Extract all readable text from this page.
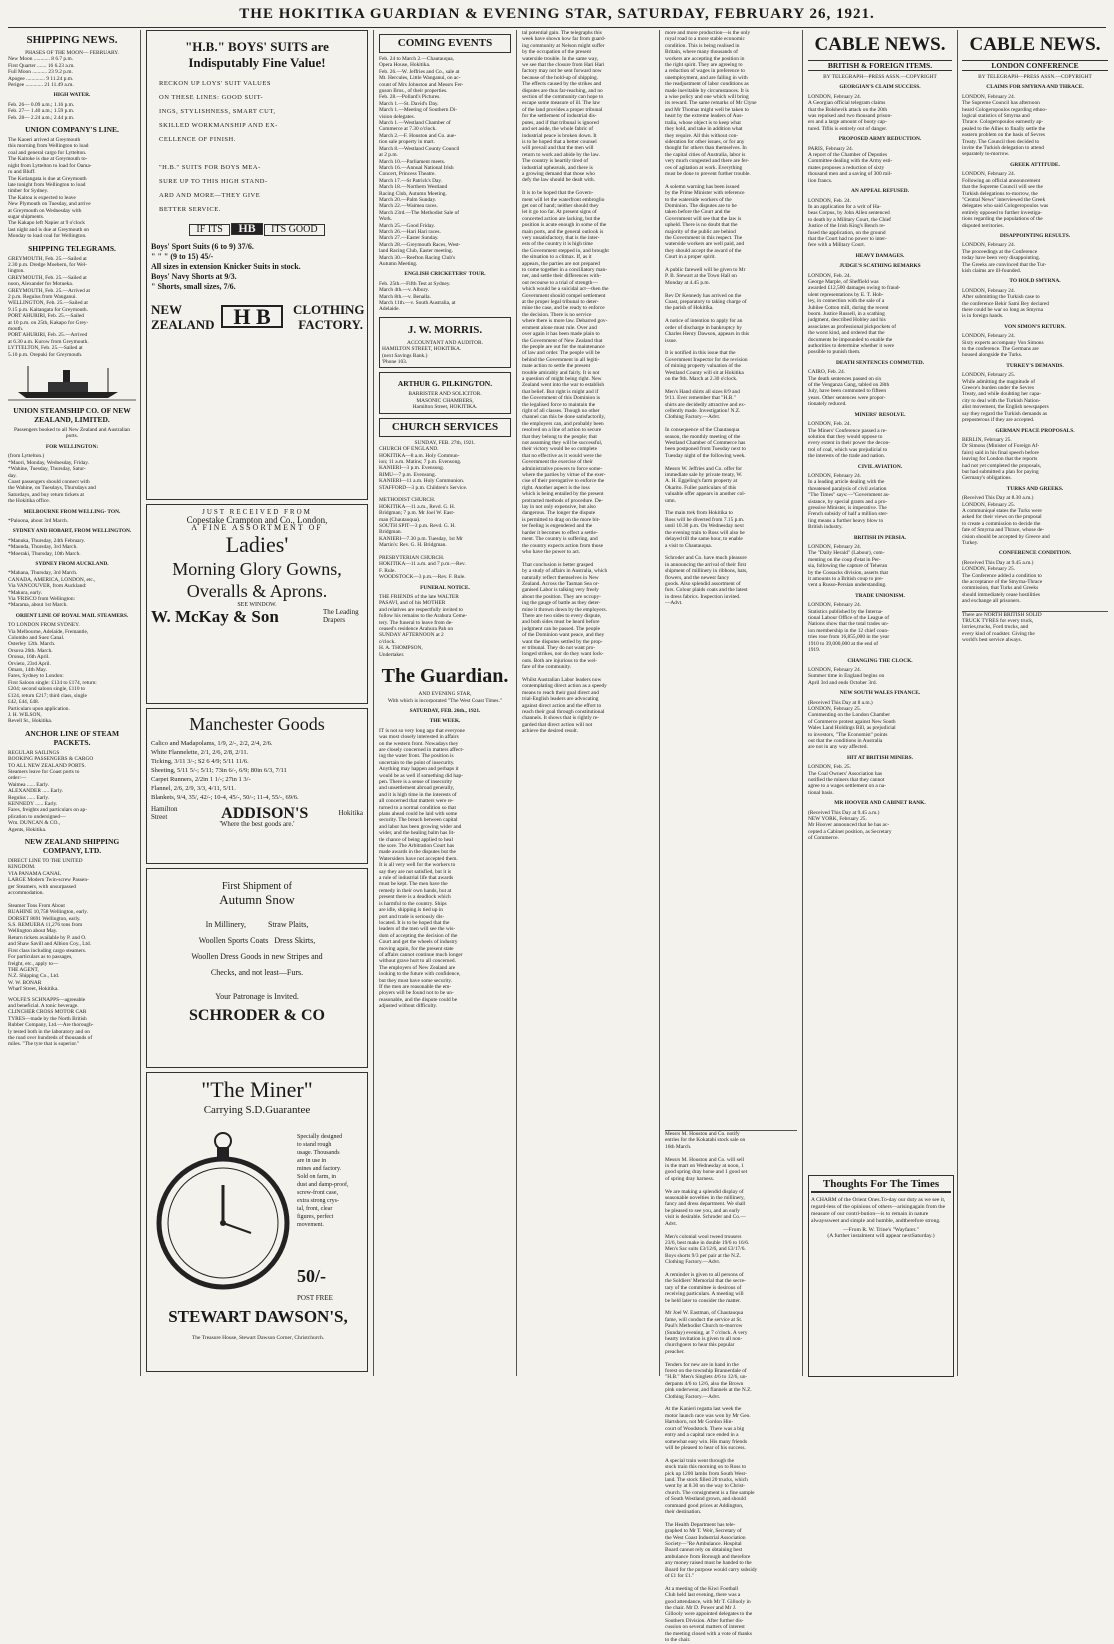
THE HOKITIKA GUARDIAN & EVENING STAR, SATURDAY, FEBRUARY 26, 1921.
SHIPPING NEWS.
PHASES OF THE MOON— FEBRUARY.
New Moon ............ 8 6.7 p.m.
First Quarter ....... 16 6.23 a.m.
Full Moon ........... 23 9.2 p.m.
Apogee .............. 9 11.24 p.m.
Perigee ............. 21 11.49 a.m.
HIGH WATER.
Feb. 26— 0.09 a.m.; 1.16 p.m.
Feb. 27— 1.40 a.m.; 1.59 p.m.
Feb. 28— 2.24 a.m.; 2.44 p.m.
UNION COMPANY'S LINE.
The Kaoeri arrived at Greymouth
this morning from Wellington to load
coal and general cargo for Lyttelton.
The Kaitoke is due at Greymouth to-
night from Lyttelton to load for Oama-
ru and Bluff.
The Kotiangata is due at Greymouth
late tonight from Wellington to load
timber for Sydney.
The Kaitoa is expected to leave
New Plymouth on Tuesday, and arrive
at Greymouth on Wednesday with
sugar shipments.
The Kakapo left Napier at 9 o'clock
last night and is due at Greymouth on
Monday to load coal for Wellington.
SHIPPING TELEGRAMS.
GREYMOUTH, Feb. 25.—Sailed at
2.30 p.m. Dredge Moebern, for Wel-
lington.
GREYMOUTH, Feb. 25.—Sailed at
noon, Alexander for Motueka.
GREYMOUTH, Feb. 25.—Arrived at
2 p.m. Regulus from Wanganui.
WELLINGTON, Feb. 25.—Sailed at
9.15 p.m. Kaitangata for Greymouth.
PORT AHURIRI, Feb. 25.—Sailed
at 10 p.m. on 25th, Kakapo for Grey-
mouth.
PORT AHURIRI, Feb. 25.—Arrived
at 6.30 a.m. Kurow from Greymouth.
LYTTELTON, Feb. 25.—Sailed at
5.10 p.m. Orepuki for Greymouth.
UNION STEAMSHIP CO. OF NEW ZEALAND, LIMITED.
Passengers booked to all New Zealand and Australian ports.
FOR WELLINGTON:
(from Lyttelton.)
*Maori, Monday, Wednesday, Friday.
*Wahine, Tuesday, Thursday, Satur-
day.
Coast passengers should connect with
the Wahine, on Tuesdays, Thursdays and
Saturdays, and buy return tickets at
the Hokitika office.
MELBOURNE FROM WELLING- TON.
*Paloona, about 3rd March.
SYDNEY AND HOBART, FROM WELLINGTON.
*Manuka, Thursday, 24th February.
*Maunda, Thursday, 3rd March.
*Moeraki, Thursday, 10th March.
SYDNEY FROM AUCKLAND.
*Mahana, Thursday, 3rd March.
CANADA, AMERICA, LONDON, etc.,
Via VANCOUVER, from Auckland:
*Makura, early.
Via 'FRISCO from Wellington:
*Marama, about 1st March.
ORIENT LINE OF ROYAL MAIL STEAMERS.
TO LONDON FROM SYDNEY.
Via Melbourne, Adelaide, Fremantle,
Colombo and Suez Canal.
Osterley 12th. March.
Orsova 26th. March.
Oronsa, 16th April.
Orvieto, 23rd April.
Omars, 14th May.
Fares, Sydney to London:
First Saloon single: £134 to £174, return:
£204; second saloon single, £110 to
£124, return £217; third class, single
£42, £44, £48.
Particulars upon application.
J. H. WILSON,
Revell St., Hokitika.
ANCHOR LINE OF STEAM PACKETS.
REGULAR SAILINGS
BOOKING PASSENGERS & CARGO
TO ALL NEW ZEALAND PORTS.
Steamers leave for Coast ports to
order:—
Waimea ...... Early.
ALEXANDER ..... Early.
Regulus ...... Early.
KENNEDY ...... Early.
Fares, freights and particulars on ap-
plication to undersigned—
Wm. DUNCAN & CO.,
Agents, Hokitika.
NEW ZEALAND SHIPPING COMPANY, LTD.
DIRECT LINE TO THE UNITED
KINGDOM.
VIA PANAMA CANAL
LARGE Modern Twin-screw Passen-
ger Steamers, with unsurpassed
accommodation.

Steamer Tons From About
RUAHINE 10,758 Wellington, early.
DORSET 8691 Wellington, early.
S.S. REMUERA 11,276 tons from
Wellington about May.
Return tickets available by P. and O.
and Shaw Savill and Albion Coy., Ltd.
First class including cargo steamers.
For particulars as to passages,
freight, etc., apply to—
THE AGENT,
N.Z. Shipping Co., Ltd.
W. W. BONAR
Wharf Street, Hokitika.
WOLFE'S SCHNAPPS—agreeable
and beneficial. A tonic beverage.
CLINCHER CROSS MOTOR CAR
TYRES—made by the North British
Rubber Company, Ltd.—Are thorough-
ly tested both in the laboratory and on
the road over hundreds of thousands of
miles. "The tyre that is superior."
"H.B." BOYS' SUITS are Indisputably Fine Value!
RECKON UP LOYS' SUIT VALUES
ON THESE LINES: GOOD SUIT-
INGS, STYLISHNESS, SMART CUT,
SKILLED WORKMANSHIP AND EX-
CELLENCE OF FINISH.

"H.B." SUITS FOR BOYS MEA-
SURE UP TO THIS HIGH STAND-
ARD AND MORE—THEY GIVE
BETTER SERVICE.
IF ITS HB ITS GOOD
Boys' Sport Suits (6 to 9) 37/6.
" " " (9 to 15) 45/-
All sizes in extension Knicker Suits in stock.
Boys' Navy Shorts at 9/3.
" Shorts, small sizes, 7/6.
NEW ZEALAND H B	CLOTHING FACTORY.
JUST RECEIVED FROM
Copestake Crampton and Co., London,
A FINE ASSORTMENT OF
Ladies'
Morning Glory Gowns,
Overalls & Aprons.
SEE WINDOW.
W. McKay & Son	The Leading Drapers
Manchester Goods
Calico and Madapolams, 1/9, 2/-, 2/2, 2/4, 2/6.
White Flannelette, 2/1, 2/6, 2/8, 2/11.
Ticking, 3/11 3/-; S2 6 4/9; 5/11 11/6.
Sheeting, 5/11 5/-; 5/11; 73in 6/-, 6/9; 80in 6/3, 7/11
Carpet Runners, 2/2in 1 1/-; 27in 1 3/-
Flannel, 2/6, 2/9, 3/3, 4/11, 5/11.
Blankets, 9/4, 35/, 42/-; 10-4, 45/-, 50/-; 11-4, 55/-, 69/6.
Hamilton Street	ADDISON'S	Hokitika
'Where the best goods are.'
First Shipment of
Autumn Snow
In Millinery,           Straw Plaits,
Woollen Sports Coats   Dress Skirts,
Woollen Dress Goods in new Stripes and
Checks, and not least—Furs.
Your Patronage is Invited.
SCHRODER & CO
"The Miner"
Carrying S.D.Guarantee
Specially designed
to stand rough
usage. Thousands
are in use in
mines and factory.
Sold on farm, in
dust and damp-proof,
screw-front case,
extra strong crys-
tal, front, clear
figures, perfect
movement.
50/-
POST FREE
STEWART DAWSON'S,
The Treasure House, Stewart Dawson Corner, Christchurch.
COMING EVENTS
Feb. 24 to March 2.—Chautauqua,
Opera House, Hokitika.
Feb. 26.—W. Jeffries and Co., sale at
Mt. Hercules, Little Wanganui, on ac-
count of Mrs Johnston and Messrs Fer-
guson Bros., of their properties.
Feb. 28.—Pollard's Pictures.
March 1.—St. David's Day.
March 1.—Meeting of Southern Di-
vision delegates.
March 1.—Westland Chamber of
Commerce at 7.30 o'clock.
March 2.—F. Houston and Co. aue-
tion sale property in mart.
March 8.—Westland County Council
at 2 p.m.
March 10.—Parliament meets.
March 16.—Annual National Irish
Concert, Princess Theatre.
March 17.—St Patrick's Day.
March 18.—Northern Westland
Racing Club, Autumn Meeting.
March 20.—Palm Sunday.
March 22.—Waimea races.
March 23rd.—The Methodist Sale of
Work.
March 25.—Good Friday.
March 26.—Hari Hari races.
March 27.—Easter Sunday.
March 28.—Greymouth Races, West-
land Racing Club, Easter meeting.
March 30.—Reefton Racing Club's
Autumn Meeting.
ENGLISH CRICKETERS' TOUR.
Feb. 25th.—Fifth Test at Sydney.
March 4th.—v. Albury.
March 8th.—v. Benalla.
March 11th.—v. South Australia, at
Adelaide.
J. W. MORRIS.
ACCOUNTANT AND AUDITOR.
HAMILTON STREET, HOKITIKA.
(next Savings Bank.)
'Phone 103.
ARTHUR G. PILKINGTON.
BARRISTER AND SOLICITOR.
MASONIC CHAMBERS,
Hamilton Street, HOKITIKA.
CHURCH SERVICES
SUNDAY, FEB. 27th, 1921.
CHURCH OF ENGLAND.
HOKITIKA—8 a.m. Holy Commun-
ion; 11 a.m. Matins; 7 p.m. Evensong.
KANIERI—3 p.m. Evensong.
RIMU—7 p.m. Evensong.
KANIERI—11 a.m. Holy Communion.
STAFFORD—3 p.m. Children's Service.

METHODIST CHURCH.
HOKITIKA—11 a.m., Revd. G. H.
Bridgman; 7 p.m. Mr Joel W. East-
man (Chautauqua).
SOUTH SPIT—3 p.m. Revd. G. H.
Bridgman.
KANIERI—7.30 p.m. Tuesday, 1st Mr
Martin's: Rev. G. H. Bridgman.

PRESBYTERIAN CHURCH.
HOKITIKA—11 a.m. and 7 p.m.—Rev.
F. Rule.
WOODSTOCK—3 p.m.—Rev. F. Rule.
FUNERAL NOTICE.
THE FRIENDS of the late WALTER
PASAVI, and of his MOTHER
and relatives are respectfully invited to
follow his remains to the Arahura Ceme-
tery. The funeral to leave from de-
ceased's residence Arahura Pah on
SUNDAY AFTERNOON at 2
o'clock.
H. A. THOMPSON,
Undertaker.
The Guardian.
AND EVENING STAR,
With which is incorporated "The West Coast Times."
SATURDAY, FEB. 26th., 1921.
THE WEEK.
IT is not so very long ago that everyone
was most closely interested in affairs
on the western front. Nowadays they
are closely concerned in matters affect-
ing the water front. The position is
uncertain to the point of insecurity.
Anything may happen and perhaps it
would be as well if something did hap-
pen. There is a sense of insecurity
and unsettlement abroad generally,
and it is high time in the interests of
all concerned that matters were re-
turned to a normal condition so that
plans ahead could be laid with some
security. The breach between capital
and labor has been growing wider and
wider, and the healing balm has lit-
tle chance of being applied to heal
the sore. The Arbitration Court has
made awards in the disputes but the
Watersiders have not accepted them.
It is all very well for the workers to
say they are not satisfied, but it is
a rule of industrial life that awards
must be kept. The men have the
remedy in their own hands, but at
present there is a deadlock which
is harmful to the country. Ships
are idle, shipping is tied up in
port and trade is seriously dis-
located. It is to be hoped that the
leaders of the men will see the wis-
dom of accepting the decision of the
Court and get the wheels of industry
moving again, for the present state
of affairs cannot continue much longer
without grave hurt to all concerned.
The employers of New Zealand are
looking to the future with confidence,
but they must have some security.
If the men are reasonable the em-
ployers will be found not to be un-
reasonable, and the dispute could be
adjusted without difficulty.
tal potential gain. The telegraphs this
week have shown how far from guard-
ing community at Nelson might suffer
by the occupation of the present
waterside trouble. In the same way,
we see that the closure from Hari Hari
factory may not be sent forward now
because of the hold-up of shipping.
The effects caused by the strikes and
disputes are thus far-reaching, and no
section of the community can hope to
escape some measure of ill. The law
of the land provides a proper tribunal
for the settlement of industrial dis-
putes, and if that tribunal is ignored
and set aside, the whole fabric of
industrial peace is broken down. It
is to be hoped that a better counsel
will prevail and that the men will
return to work and abide by the law.
The country is heartily tired of
industrial upheavals, and there is
a growing demand that those who
defy the law should be dealt with.

It is to be hoped that the Govern-
ment will let the waterfront embroglio
get out of hand; neither should they
let it go too far. At present signs of
concerted action are lacking, but the
position is acute enough in some of the
main ports, and the general outlook is
very unsatisfactory, that is the inter-
ests of the country it is high time
the Government stepped in, and brought
the situation to a climax. If, as it
appears, the parties are not prepared
to come together in a conciliatory man-
ner, and settle their differences with-
out recourse to a trial of strength—
which would be a suicidal act—then the
Government should compel settlement
at the proper legal tribunal to deter-
mine the case, and be ready to enforce
the decision. There is no service
where there is more law. Debarred gov-
ernment alone must rule. Over and
over again it has been made plain to
the Government of New Zealand that
the people are out for the maintenance
of law and order. The people will be
behind the Government in all legiti-
mate action to settle the present
trouble amicably and fairly. It is not
a question of might being right. New
Zealand went into the war to establish
that belief. But right is might and if
the Government of this Dominion is
the legalised force to maintain the
right of all classes. Though no other
channel can this be done satisfactorily,
the employers can, and probably been
resolved on a line of action to secure
that they belong to the people; that
not assuming they will be successful,
their victory would be so complete
that no effective as it would were the
Government the exercise of their
administrative powers to force some-
where the parties by virtue of the exer-
cise of their prerogative to enforce the
right. Another aspect is the loss
which is being entailed by the present
protracted methods of procedure. De-
lay in not only expensive, but also
dangerous. The longer the dispute
is permitted to drag on the more bit-
ter feeling is engendered and the
harder it becomes to effect a settle-
ment. The country is suffering, and
the country expects action from those
who have the power to act.

That conclusion is better grasped
by a study of affairs in Australia, which
naturally reflect themselves in New
Zealand. Across the Tasman Sea or-
ganised Labor is talking very freely
about the position. They are occupy-
ing the gauge of battle as they deter-
mine it thrown down by the employers.
There are two sides to every dispute,
and both sides must be heard before
judgment can be passed. The people
of the Dominion want peace, and they
want the disputes settled by the prop-
er tribunal. They do not want pro-
longed strikes, nor do they want lock-
outs. Both are injurious to the wel-
fare of the community.

Whilst Australian Labor leaders now
contemplating direct action as a speedy
means to reach their goal direct and
trial-English leaders are advocating
against direct action and the effort to
reach their goal through constitutional
channels. It shows that is rightly re-
garded that direct action will not
achieve the desired result.
more and more production—is the only
royal road to a more stable economic
condition. This is being realised in
Britain, where many thousands of
workers are accepting the position in
the right spirit. They are agreeing to
a reduction of wages in preference to
unemployment, and are falling in with
the readjustment of labor conditions as
made inevitable by circumstances. It is
a wise policy and one which will bring
its reward. The same remarks of Mr Clyne
and Mr Thomas might well be taken to
heart by the extreme leaders of Aus-
tralia, whose object is to keep what
they hold, and take in addition what
they require. All this without con-
sideration for other issues, or for any
thought for others than themselves. In
the capital cities of Australia, labor is
very much congested and there are fer-
ces of agitation at work. Everything
must be done to prevent further trouble.

A solemn warning has been issued
by the Prime Minister with reference
to the waterside workers of the
Dominion. The disputes are to be
taken before the Court and the
Government will see that the law is
upheld. There is no doubt that the
majority of the public are behind
the Government in this respect. The
waterside workers are well paid, and
they should accept the award of the
Court in a proper spirit.

A public farewell will be given to Mr
P. B. Stewart at the Town Hall on
Monday at 4.45 p.m.

Rev Dr Kennedy has arrived on the
Coast, preparatory to taking charge of
the parish of Hokitika.

A notice of intention to apply for an
order of discharge in bankruptcy by
Charles Henry Dawson, appears in this
issue.

It is notified in this issue that the
Government Inspector for the revision
of mining property valuation of the
Westland County will sit at Hokitika
on the 9th. March at 2.30 o'clock.

Men's Hand shirts all sizes 8/9 and
9/11. Ever remember that "H.B."
shirts are decidedly attractive and ex-
cellently made. Investigation! N.Z.
Clothing Factory.—Advt.

In consequence of the Chautauqua
season, the monthly meeting of the
Westland Chamber of Commerce has
been postponed from Tuesday next to
Tuesday night of the following week.

Messrs W. Jeffries and Co. offer for
immediate sale by private treaty, W.
A. H. Eggeling's farm property at
Okarito. Fuller particulars of this
valuable offer appears in another col-
umn.

The main trek from Hokitika to
Ross will be diverted from 7.15 p.m.
until 10.30 p.m. On Wednesday next
the evening train to Ross will also be
delayed till the same hour, to enable
a visit to Chautauqua.

Schroder and Co. have much pleasure
in announcing the arrival of their first
shipment of millinery in ribbons, hats,
flowers, and the newest fancy
goods. Also splendid assortment of
furs. Colour plaids coats and the latest
in dress fabrics. Inspection invited.
—Advt.
CABLE NEWS.
BRITISH & FOREIGN ITEMS.
BY TELEGRAPH—PRESS ASSN.—COPYRIGHT
GEORGIAN'S CLAIM SUCCESS.
LONDON, February 24.
A Georgian official telegram claims
that the Bolshevik attack on the 20th
was repulsed and two thousand prison-
ers and a large amount of booty cap-
tured. Tiflis is entirely out of danger.
PROPOSED ARMY REDUCTION.
PARIS, February 24.
A report of the Chamber of Deputies
Committee dealing with the Army esti-
mates proposes a reduction of sixty
thousand men and a saving of 300 mil-
lion francs.
AN APPEAL REFUSED.
LONDON, Feb. 24.
In an application for a writ of Ha-
beas Corpus, by John Allen sentenced
to death by a Military Court, the Chief
Justice of the Irish King's Bench re-
fused the application, on the ground
that the Court had no power to inter-
fere with a Military Court.
HEAVY DAMAGES.
JUDGE'S SCATHING REMARKS
LONDON, Feb. 24.
George Marple, of Sheffield was
awarded £12,500 damages owing to fraud-
ulent representations by E. T. Hob-
ley, in connection with the sale of a
Jubilee Cotton mill, during the recent
boom. Justice Russell, in a scathing
judgment, described Hobley and his
associates as professional pickpockets of
the worst kind, and ordered that the
documents be impounded to enable the
authorities to determine whether it were
possible to punish them.
DEATH SENTENCES COMMUTED.
CAIRO, Feb. 24.
The death sentences passed on six
of the Venganza Gang, tabled on 28th
July, have been commuted to fifteen
years. Other sentences were propor-
tionately reduced.
MINERS' RESOLVE.
LONDON, Feb. 24.
The Miners' Conference passed a re-
solution that they would oppose to
every extent in their power the decon-
trol of coal, which was prejudicial to
the interests of the trade and nation.
CIVIL AVIATION.
LONDON, February 24.
In a leading article dealing with the
threatened paralysis of civil aviation
"The Times" says:—"Government as-
sistance, by special grants and a pro-
gressive Minister, is imperative. The
French subsidy of half a million ster-
ling means a further heavy blow to
British industry.
BRITISH IN PERSIA.
LONDON, February 24.
The "Daily Herald" (Labour), com-
menting on the coup d'etat in Per-
sia, following the capture of Teheran
by the Cossacks division, asserts that
it amounts to a British coup to pre-
vent a Russo-Persian understanding.
TRADE UNIONISM.
LONDON, February 24.
Statistics published by the Interna-
tional Labour Office of the League of
Nations show that the total trades un-
ion membership in the 12 chief coun-
tries rose from 16,855,000 in the year
1910 to 39,000,000 at the end of
1919.
CHANGING THE CLOCK.
LONDON, February 24.
Summer time in England begins on
April 3rd and ends October 3rd.
NEW SOUTH WALES FINANCE.
(Received This Day at 8 a.m.)
LONDON, February 25.
Commenting on the London Chamber
of Commerce protest against New South
Wales Land Holdings Bill, as prejudicial
to investors, "The Economist" points
out that the conditions in Australia
are not in any way affected.
HIT AT BRITISH MINERS.
LONDON, Feb. 25.
The Coal Owners' Association has
notified the miners that they cannot
agree to a wages settlement on a na-
tional basis.
MR HOOVER AND CABINET RANK.
(Received This Day at 9.45 a.m.)
NEW YORK, February 25.
Mr Hoover announced that he has ac-
cepted a Cabinet position, as Secretary
of Commerce.
CABLE NEWS.
LONDON CONFERENCE
BY TELEGRAPH—PRESS ASSN.—COPYRIGHT
CLAIMS FOR SMYRNA AND THRACE.
LONDON, February 24.
The Supreme Council has afternoon
heard Cologeropoulos regarding ethno-
logical statistics of Smyrna and
Thrace. Cologeropoulos earnestly ap-
pealed to the Allies to finally settle the
eastern problem on the basis of Sevres
Treaty. The Council then decided to
invite the Turkish delegation to attend
separately to-morrow.
GREEK ATTITUDE.
LONDON, February 24.
Following an official announcement
that the Supreme Council will see the
Turkish delegations to-morrow, the
"Central News" interviewed the Greek
delegates who said Cologeropoulos was
entirely opposed to further investiga-
tions regarding the populations of the
disputed territories.
DISAPPOINTING RESULTS.
LONDON, February 24.
The proceedings at the Conference
today have been very disappointing.
The Greeks are convinced that the Tur-
kish claims are ill-founded.
TO HOLD SMYRNA.
LONDON, February 24.
After submitting the Turkish case to
the conference Bekir Sami Bey declared
there could be war so long as Smyrna
is in foreign hands.
VON SIMON'S RETURN.
LONDON, February 24.
Sixty experts accompany Von Simons
to the conference. The Germans are
housed alongside the Turks.
TURKEY'S DEMANDS.
LONDON, February 25.
While admitting the magnitude of
Greece's burden under the Sevres
Treaty, and while doubting her capa-
city to deal with the Turkish Nation-
alist movement, the English newspapers
say they regard the Turkish demands as
preposterous if they are accepted.
GERMAN PEACE PROPOSALS.
BERLIN, February 25.
Dr Simons (Minister of Foreign Af-
fairs) said in his final speech before
leaving for London that the reports
had not yet completed the proposals,
but had submitted a plan for paying
Germany's obligations.
TURKS AND GREEKS.
(Received This Day at 8.30 a.m.)
LONDON, February 25.
A communiqué states the Turks were
asked for their views on the proposal
to create a commission to decide the
fate of Smyrna and Thrace, whose de-
cision should be accepted by Greece and
Turkey.
CONFERENCE CONDITION.
(Received This Day at 9.45 a.m.)
LONDON, February 25.
The Conference added a condition to
the acceptance of the Smyrna-Thrace
commission, that Turks and Greeks
should immediately cease hostilities
and exchange all prisoners.
There are NORTH BRITISH SOLID
TRUCK TYRES for every truck,
lorries,trucks, Ford trucks, and
every kind of roadster. Giving the
world's best service always.
Messrs M. Houston and Co. notify
entries for the Kokatahi stock sale on
16th March.

Messrs M. Houston and Co. will sell
in the mart on Wednesday at noon, 1
good spring dray horse and 1 good set
of spring dray harness.

We are making a splendid display of
seasonable novelties in the millinery,
fancy and dress department. We shall
be pleased to see you, and an early
visit is desirable. Schroder and Co.—
Advt.

Men's colonial wool tweed trousers
23/6, best make in double 19/6 to 16/6.
Men's Sac suits £3/12/6, and £3/17/6.
Boys shorts 9/3 per pair at the N.Z.
Clothing Factory.—Advt.

A reminder is given to all persons of
the Soldiers' Memorial that the secre-
tary of the committee is desirous of
receiving particulars. A meeting will
be held later to consider the matter.

Mr Joel W. Eastman, of Chautauqua
fame, will conduct the service at St.
Paul's Methodist Church to-morrow
(Sunday) evening, at 7 o'clock. A very
hearty invitation is given to all non-
churchgoers to hear this popular
preacher.

Tenders for new are in hand in the
forest on the township Brannerdale of
"H.B." Men's Singlets 4/6 to 12/6, un-
derpants 4/6 to 12/6, also the Brown
pink underwear, and flannels at the N.Z.
Clothing Factory.—Advt.

At the Kanieri regatta last week the
motor launch race was won by Mr Geo.
Hartshorn, not Mr Gordon Hin-
court of Woodstock. There was a big
entry and a capital race ended in a
somewhat easy win. His many friends
will be pleased to hear of his success.

A special train went through the
stock train this morning on to Ross to
pick up 1200 lambs from South West-
land. The stock filled 20 trucks, which
went by at 8.30 on the way to Christ-
church. The consignment is a fine sample
of South Westland grown, and should
command good prices at Addington,
their destination.

The Health Department has tele-
graphed to Mr T. Weir, Secretary of
the West Coast Industrial Association
Society—"Re Ambulance. Hospital
Board cannot rely on obtaining best
ambulance from Borough and therefore
any money raised must be handed to the
Board for the purpose would carry subsidy
of £1 for £1."

At a meeting of the Kiwi Football
Club held last evening, there was a
good attendance, with Mr T. Gillooly in
the chair. Mr D. Power and Mr J.
Gillooly were appointed delegates to the
Southern Division. After further dis-
cussion on several matters of interest
the meeting closed with a vote of thanks
to the chair.
Thoughts For The Times
A CHARM of the Orient Ones.To-day our duty as we see it, regard-less of the opinions of others—arisingagain from the measure of our contri-bution—is to remain in nature alwayssweet and simple and humble, andtherefore strong.
—From R. W. Trine's "Wayfarer."
(A further instalment will appear nextSaturday.)
